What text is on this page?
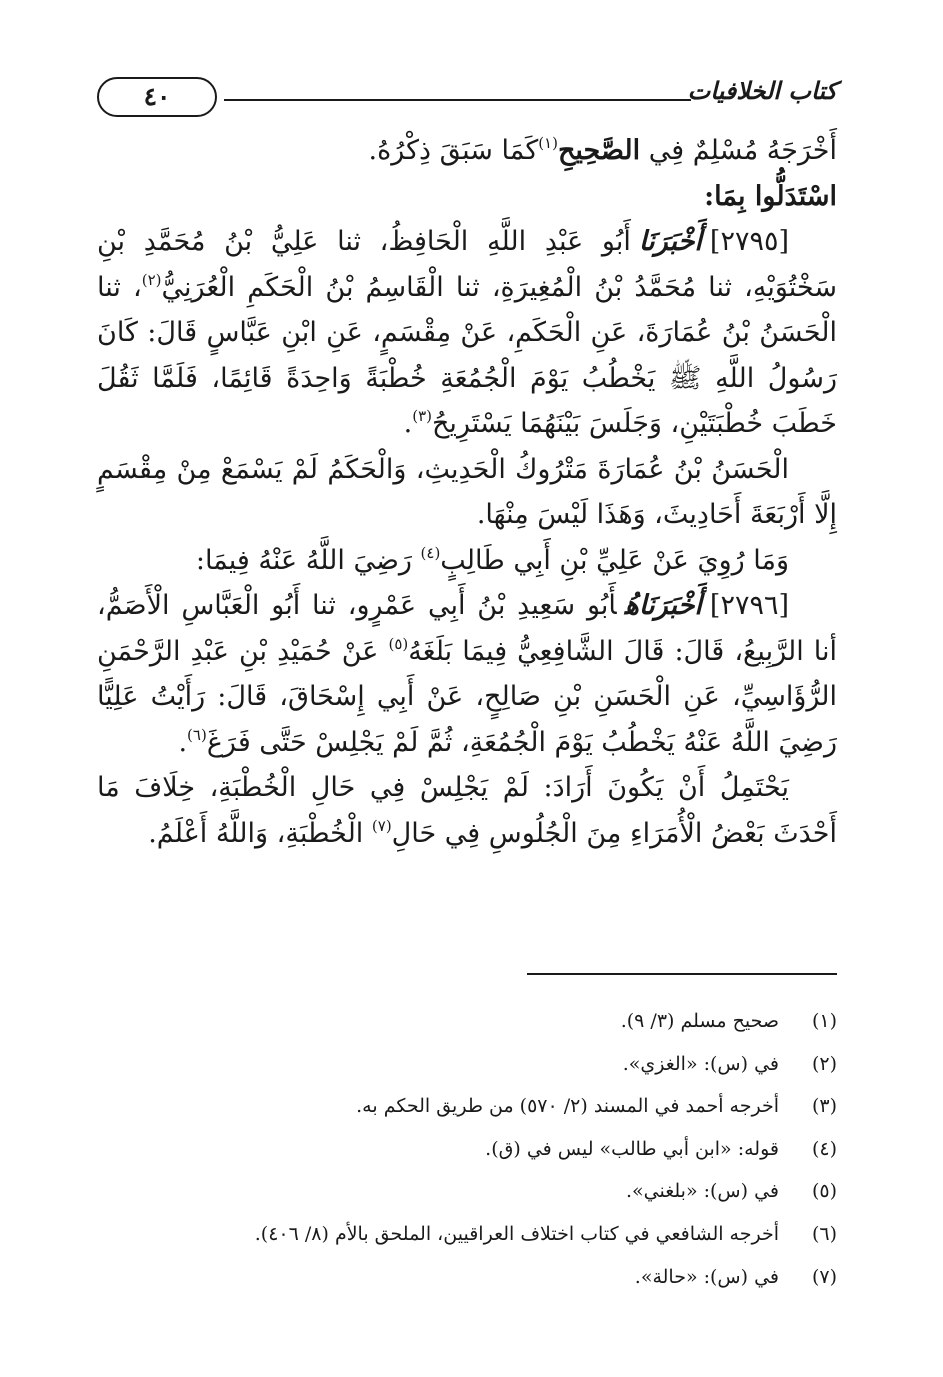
كتاب الخلافيات
٤٠

أَخْرَجَهُ مُسْلِمٌ فِي الصَّحِيحِ$^{(١)}$كَمَا سَبَقَ ذِكْرُهُ.

اسْتَدَلُّوا بِمَا:

[٢٧٩٥]أَخْبَرَنَاأَبُو عَبْدِ اللَّهِ الْحَافِظُ، ثنا عَلِيُّ بْنُ مُحَمَّدِ بْنِ سَخْتُوَيْهِ، ثنا مُحَمَّدُ بْنُ الْمُغِيرَةِ، ثنا الْقَاسِمُ بْنُ الْحَكَمِ الْعُرَنِيُّ$^{(٢)}$، ثنا الْحَسَنُ بْنُ عُمَارَةَ، عَنِ الْحَكَمِ، عَنْ مِقْسَمٍ، عَنِ ابْنِ عَبَّاسٍ قَالَ: كَانَ رَسُولُ اللَّهِ ﷺ يَخْطُبُ يَوْمَ الْجُمُعَةِ خُطْبَةً وَاحِدَةً قَائِمًا، فَلَمَّا ثَقُلَ خَطَبَ خُطْبَتَيْنِ، وَجَلَسَ بَيْنَهُمَا يَسْتَرِيحُ$^{(٣)}$.

الْحَسَنُ بْنُ عُمَارَةَ مَتْرُوكُ الْحَدِيثِ، وَالْحَكَمُ لَمْ يَسْمَعْ مِنْ مِقْسَمٍ إِلَّا أَرْبَعَةَ أَحَادِيثَ، وَهَذَا لَيْسَ مِنْهَا.

وَمَا رُوِيَ عَنْ عَلِيِّ بْنِ أَبِي طَالِبٍ$^{(٤)}$ رَضِيَ اللَّهُ عَنْهُ فِيمَا:

[٢٧٩٦]أَخْبَرَنَاهُأَبُو سَعِيدِ بْنُ أَبِي عَمْرٍو، ثنا أَبُو الْعَبَّاسِ الْأَصَمُّ، أنا الرَّبِيعُ، قَالَ: قَالَ الشَّافِعِيُّ فِيمَا بَلَغَهُ$^{(٥)}$ عَنْ حُمَيْدِ بْنِ عَبْدِ الرَّحْمَنِ الرُّؤَاسِيِّ، عَنِ الْحَسَنِ بْنِ صَالِحٍ، عَنْ أَبِي إِسْحَاقَ، قَالَ: رَأَيْتُ عَلِيًّا رَضِيَ اللَّهُ عَنْهُ يَخْطُبُ يَوْمَ الْجُمُعَةِ، ثُمَّ لَمْ يَجْلِسْ حَتَّى فَرَغَ$^{(٦)}$.

يَحْتَمِلُ أَنْ يَكُونَ أَرَادَ: لَمْ يَجْلِسْ فِي حَالِ الْخُطْبَةِ، خِلَافَ مَا أَحْدَثَ بَعْضُ الْأُمَرَاءِ مِنَ الْجُلُوسِ فِي حَالِ$^{(٧)}$ الْخُطْبَةِ، وَاللَّهُ أَعْلَمُ.

(١)صحيح مسلم (٣/ ٩).
(٢)في (س): «الغزي».
(٣)أخرجه أحمد في المسند (٢/ ٥٧٠) من طريق الحكم به.
(٤)قوله: «ابن أبي طالب» ليس في (ق).
(٥)في (س): «بلغني».
(٦)أخرجه الشافعي في كتاب اختلاف العراقيين، الملحق بالأم (٨/ ٤٠٦).
(٧)في (س): «حالة».
